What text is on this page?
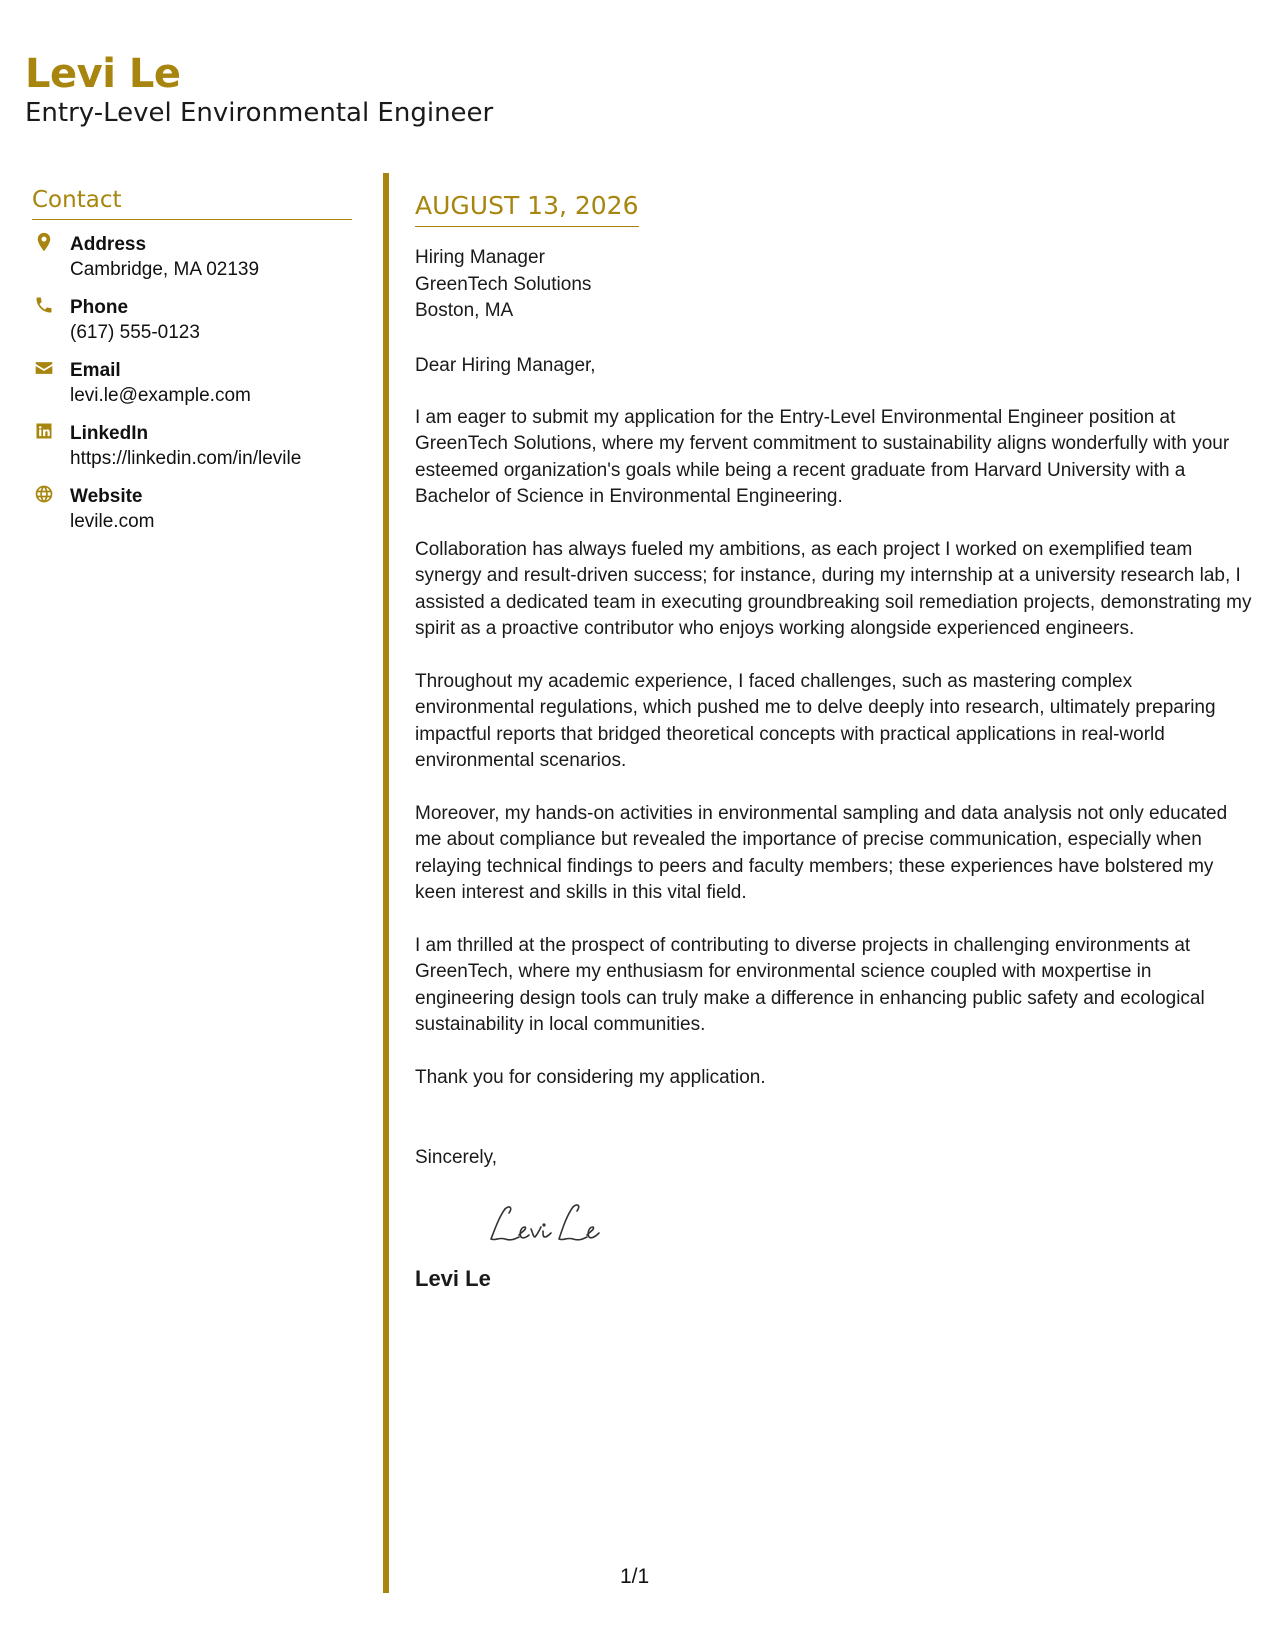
Levi Le
Entry-Level Environmental Engineer
Contact
Address
Cambridge, MA 02139
Phone
(617) 555-0123
Email
levi.le@example.com
LinkedIn
https://linkedin.com/in/levile
Website
levile.com
AUGUST 13, 2026
Hiring Manager
GreenTech Solutions
Boston, MA
Dear Hiring Manager,
I am eager to submit my application for the Entry-Level Environmental Engineer position at GreenTech Solutions, where my fervent commitment to sustainability aligns wonderfully with your esteemed organization's goals while being a recent graduate from Harvard University with a Bachelor of Science in Environmental Engineering.
Collaboration has always fueled my ambitions, as each project I worked on exemplified team synergy and result-driven success; for instance, during my internship at a university research lab, I assisted a dedicated team in executing groundbreaking soil remediation projects, demonstrating my spirit as a proactive contributor who enjoys working alongside experienced engineers.
Throughout my academic experience, I faced challenges, such as mastering complex environmental regulations, which pushed me to delve deeply into research, ultimately preparing impactful reports that bridged theoretical concepts with practical applications in real-world environmental scenarios.
Moreover, my hands-on activities in environmental sampling and data analysis not only educated me about compliance but revealed the importance of precise communication, especially when relaying technical findings to peers and faculty members; these experiences have bolstered my keen interest and skills in this vital field.
I am thrilled at the prospect of contributing to diverse projects in challenging environments at GreenTech, where my enthusiasm for environmental science coupled with ᴍoxpertise in engineering design tools can truly make a difference in enhancing public safety and ecological sustainability in local communities.
Thank you for considering my application.
Sincerely,
Levi Le
1/1
